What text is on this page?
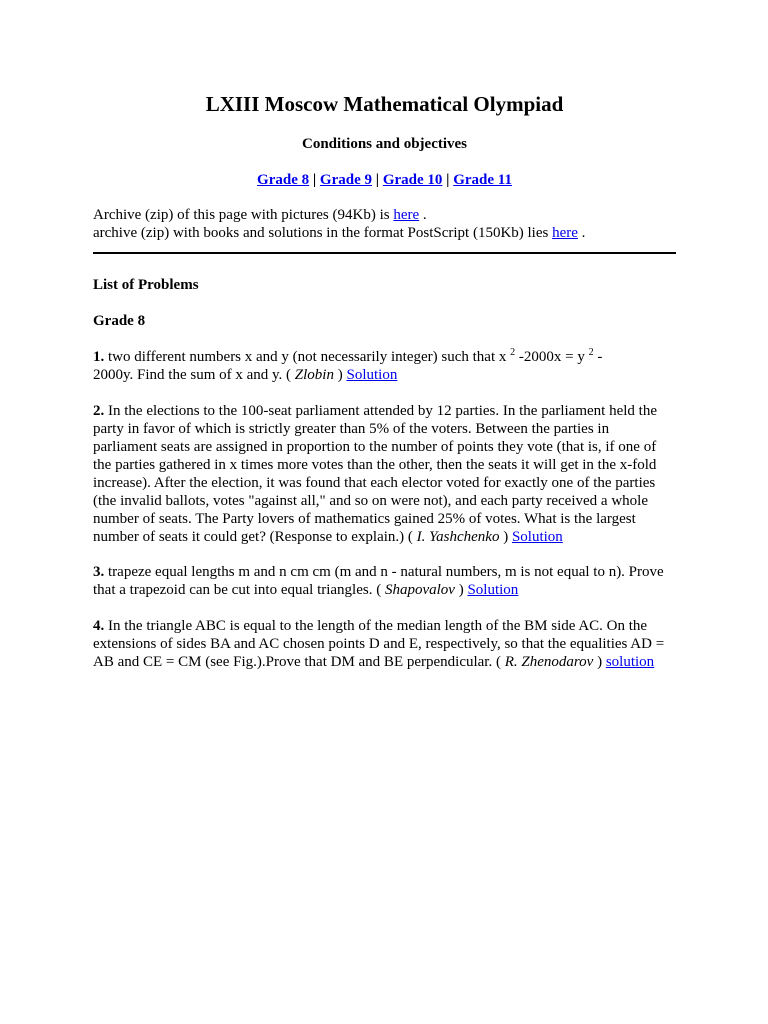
LXIII Moscow Mathematical Olympiad
Conditions and objectives
Grade 8 | Grade 9 | Grade 10 | Grade 11
Archive (zip) of this page with pictures (94Kb) is here .
archive (zip) with books and solutions in the format PostScript (150Kb) lies here .
List of Problems
Grade 8
1. two different numbers x and y (not necessarily integer) such that x $^2$ -2000x = y $^2$ -
2000y. Find the sum of x and y. ( Zlobin ) Solution
2. In the elections to the 100-seat parliament attended by 12 parties. In the parliament held the party in favor of which is strictly greater than 5% of the voters. Between the parties in parliament seats are assigned in proportion to the number of points they vote (that is, if one of the parties gathered in x times more votes than the other, then the seats it will get in the x-fold increase). After the election, it was found that each elector voted for exactly one of the parties (the invalid ballots, votes "against all," and so on were not), and each party received a whole number of seats. The Party lovers of mathematics gained 25% of votes. What is the largest number of seats it could get? (Response to explain.) ( I. Yashchenko ) Solution
3. trapeze equal lengths m and n cm cm (m and n - natural numbers, m is not equal to n). Prove that a trapezoid can be cut into equal triangles. ( Shapovalov ) Solution
4. In the triangle ABC is equal to the length of the median length of the BM side AC. On the extensions of sides BA and AC chosen points D and E, respectively, so that the equalities AD = AB and CE = CM (see Fig.).Prove that DM and BE perpendicular. ( R. Zhenodarov ) solution
